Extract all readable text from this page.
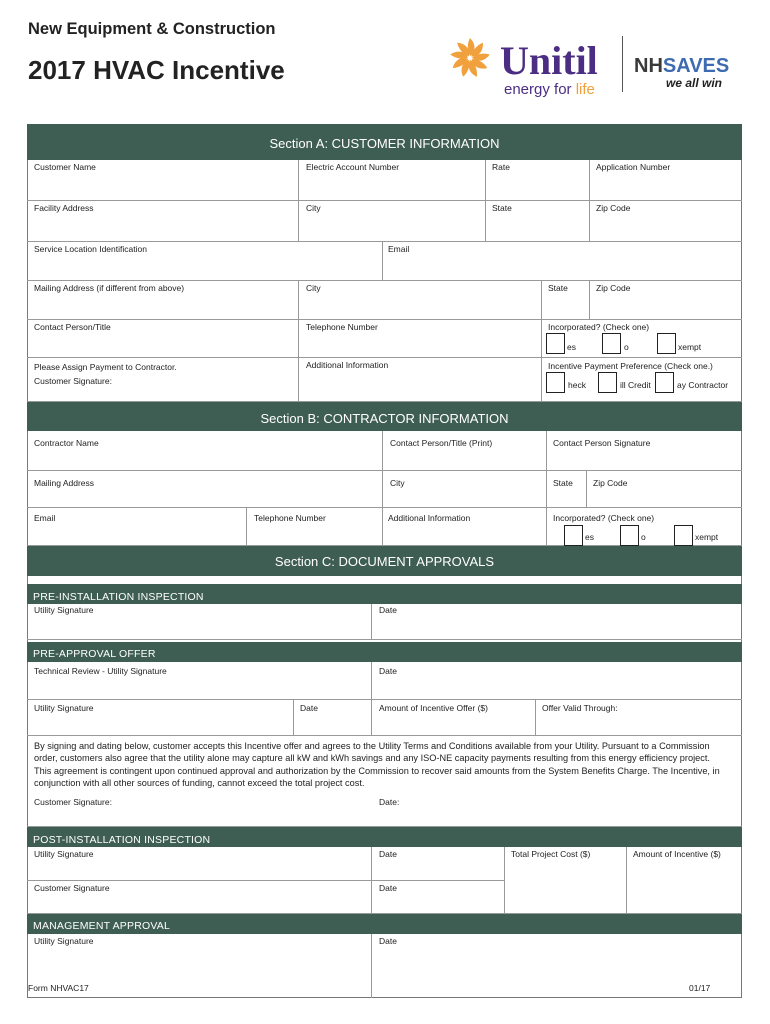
New Equipment & Construction
2017 HVAC Incentive	Unitil
energy for life
NHSAVES
we all win
Section A: CUSTOMER INFORMATION
Customer Name	Electric Account Number	Rate	Application Number
Facility Address	City	State	Zip Code
Service Location Identification	Email
Mailing Address (if different from above)	City	State	Zip Code
Contact Person/Title	Telephone Number	Incorporated? (Check one)
es	o	xempt
Please Assign Payment to Contractor.
Customer Signature:
Additional Information	Incentive Payment Preference (Check one.)
heck	ill Credit	ay Contractor
Section B: CONTRACTOR INFORMATION
Contractor Name	Contact Person/Title (Print)	Contact Person Signature
Mailing Address	City	State Zip Code
Email	Telephone Number	Additional Information	Incorporated? (Check one)
es	o	xempt
Section C: DOCUMENT APPROVALS
PRE-INSTALLATION INSPECTION
Utility Signature	Date
PRE-APPROVAL OFFER
Technical Review - Utility Signature	Date
Utility Signature	Date	Amount of Incentive Offer ($)	Offer Valid Through:
By signing and dating below, customer accepts this Incentive offer and agrees to the Utility Terms and Conditions available from your Utility. Pursuant to a Commission order, customers also agree that the utility alone may capture all kW and kWh savings and any ISO-NE capacity payments resulting from this energy efficiency project. This agreement is contingent upon continued approval and authorization by the Commission to recover said amounts from the System Benefits Charge. The Incentive, in conjunction with all other sources of funding, cannot exceed the total project cost.
Customer Signature:	Date:
POST-INSTALLATION INSPECTION
Utility Signature	Date	Total Project Cost ($)	Amount of Incentive ($)
Customer Signature	Date
MANAGEMENT APPROVAL
Utility Signature	Date
Form NHVAC17	01/17
